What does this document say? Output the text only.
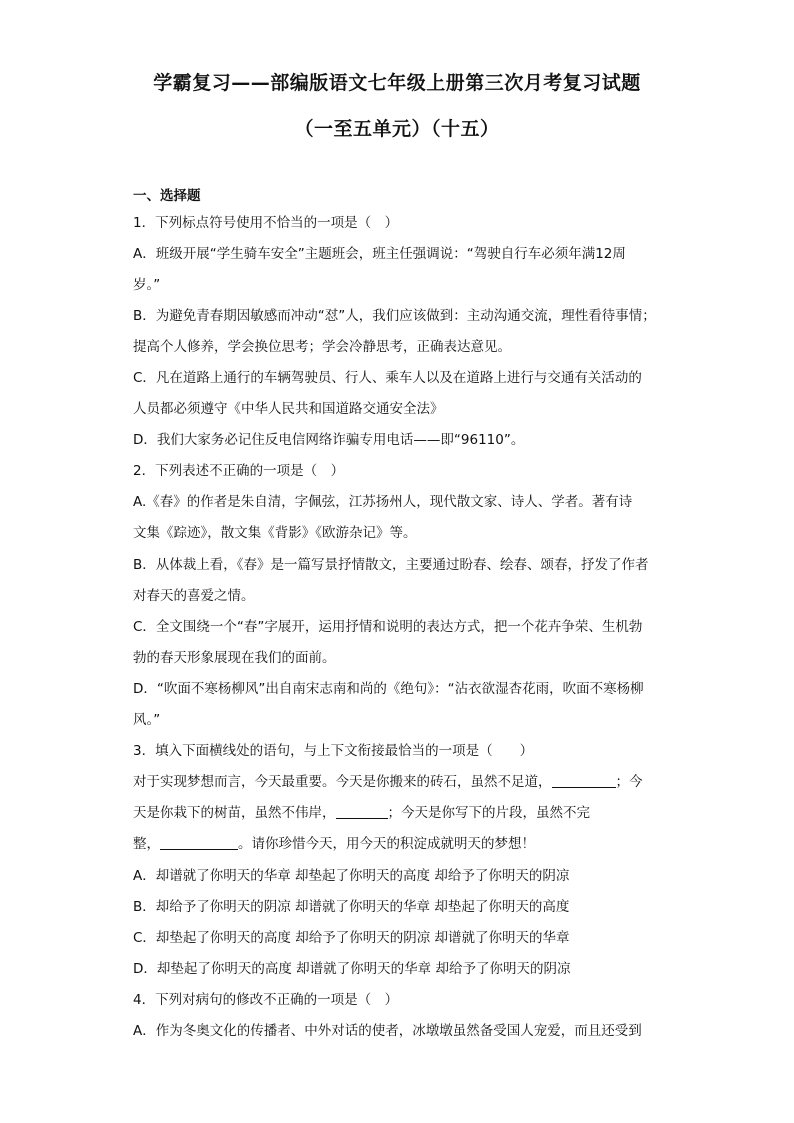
学霸复习——部编版语文七年级上册第三次月考复习试题
（一至五单元）（十五）
一、选择题
1．下列标点符号使用不恰当的一项是（　）
A．班级开展“学生骑车安全”主题班会，班主任强调说：“驾驶自行车必须年满12周
岁。”
B．为避免青春期因敏感而冲动“怼”人，我们应该做到：主动沟通交流，理性看待事情；
提高个人修养，学会换位思考；学会冷静思考，正确表达意见。
C．凡在道路上通行的车辆驾驶员、行人、乘车人以及在道路上进行与交通有关活动的
人员都必须遵守《中华人民共和国道路交通安全法》
D．我们大家务必记住反电信网络诈骗专用电话——即“96110”。
2．下列表述不正确的一项是（　）
A.《春》的作者是朱自清，字佩弦，江苏扬州人，现代散文家、诗人、学者。著有诗
文集《踪迹》，散文集《背影》《欧游杂记》等。
B．从体裁上看，《春》是一篇写景抒情散文，主要通过盼春、绘春、颂春，抒发了作者
对春天的喜爱之情。
C．全文围绕一个“春”字展开，运用抒情和说明的表达方式，把一个花卉争荣、生机勃
勃的春天形象展现在我们的面前。
D．“吹面不寒杨柳风”出自南宋志南和尚的《绝句》：“沾衣欲湿杏花雨，吹面不寒杨柳
风。”
3．填入下面横线处的语句，与上下文衔接最恰当的一项是（　　）
对于实现梦想而言，今天最重要。今天是你搬来的砖石，虽然不足道，	；今
天是你栽下的树苗，虽然不伟岸，	；今天是你写下的片段，虽然不完
整，	。请你珍惜今天，用今天的积淀成就明天的梦想！
A．却谱就了你明天的华章 却垫起了你明天的高度 却给予了你明天的阴凉
B．却给予了你明天的阴凉 却谱就了你明天的华章 却垫起了你明天的高度
C．却垫起了你明天的高度 却给予了你明天的阴凉 却谱就了你明天的华章
D．却垫起了你明天的高度 却谱就了你明天的华章 却给予了你明天的阴凉
4．下列对病句的修改不正确的一项是（　）
A．作为冬奥文化的传播者、中外对话的使者，冰墩墩虽然备受国人宠爱，而且还受到
